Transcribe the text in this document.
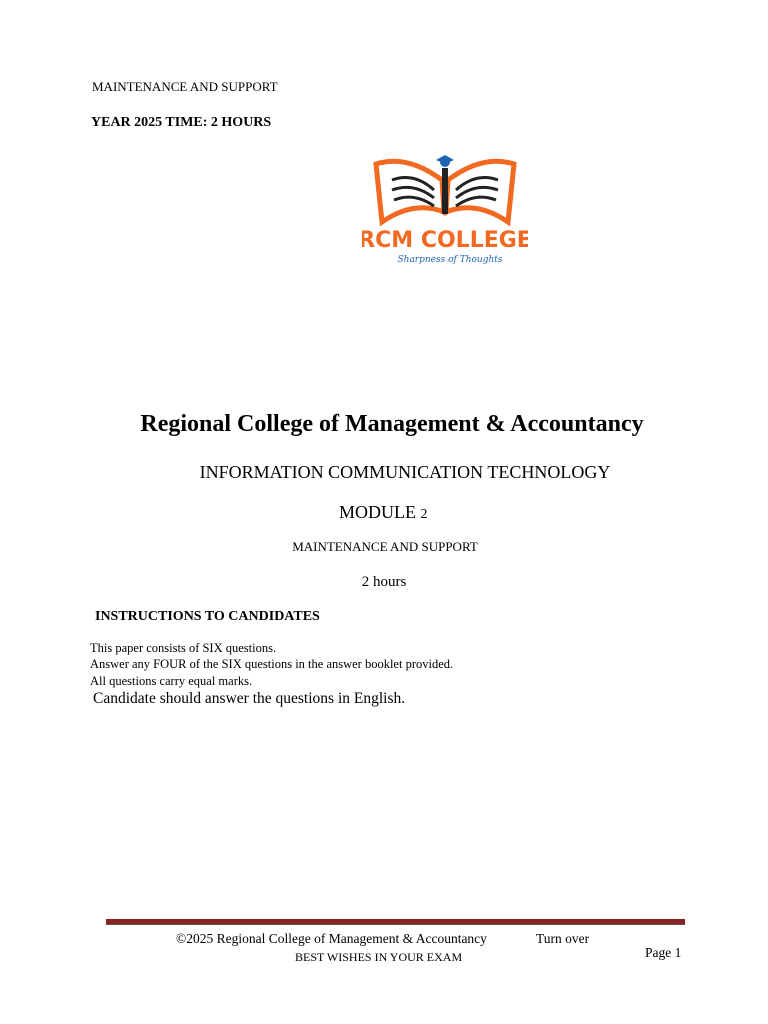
MAINTENANCE AND SUPPORT
YEAR 2025 TIME: 2 HOURS
RCM COLLEGE
Sharpness of Thoughts
Regional College of Management & Accountancy
INFORMATION COMMUNICATION TECHNOLOGY
MODULE 2
MAINTENANCE AND SUPPORT
2 hours
INSTRUCTIONS TO CANDIDATES
This paper consists of SIX questions.
Answer any FOUR of the SIX questions in the answer booklet provided.
All questions carry equal marks.
Candidate should answer the questions in English.
©2025 Regional College of Management & Accountancy	Turn over
BEST WISHES IN YOUR EXAM	Page 1
